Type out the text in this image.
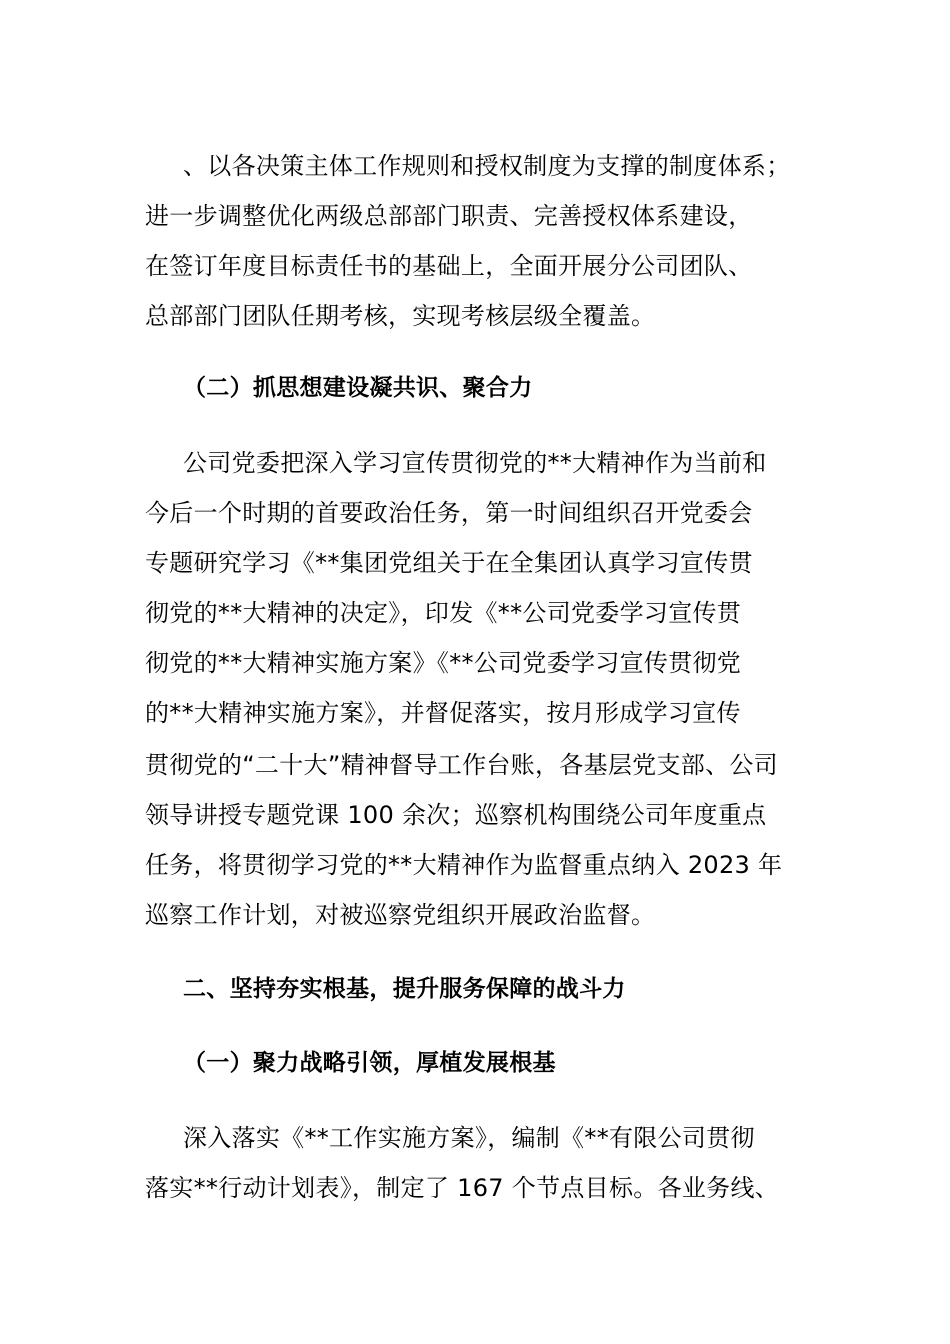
、以各决策主体工作规则和授权制度为支撑的制度体系；
进一步调整优化两级总部部门职责、完善授权体系建设，
在签订年度目标责任书的基础上，全面开展分公司团队、
总部部门团队任期考核，实现考核层级全覆盖。
（二）抓思想建设凝共识、聚合力
公司党委把深入学习宣传贯彻党的**大精神作为当前和
今后一个时期的首要政治任务，第一时间组织召开党委会
专题研究学习《**集团党组关于在全集团认真学习宣传贯
彻党的**大精神的决定》，印发《**公司党委学习宣传贯
彻党的**大精神实施方案》《**公司党委学习宣传贯彻党
的**大精神实施方案》，并督促落实，按月形成学习宣传
贯彻党的“二十大”精神督导工作台账，各基层党支部、公司
领导讲授专题党课 100 余次；巡察机构围绕公司年度重点
任务，将贯彻学习党的**大精神作为监督重点纳入 2023 年
巡察工作计划，对被巡察党组织开展政治监督。
二、坚持夯实根基，提升服务保障的战斗力
（一）聚力战略引领，厚植发展根基
深入落实《**工作实施方案》，编制《**有限公司贯彻
落实**行动计划表》，制定了 167 个节点目标。各业务线、
